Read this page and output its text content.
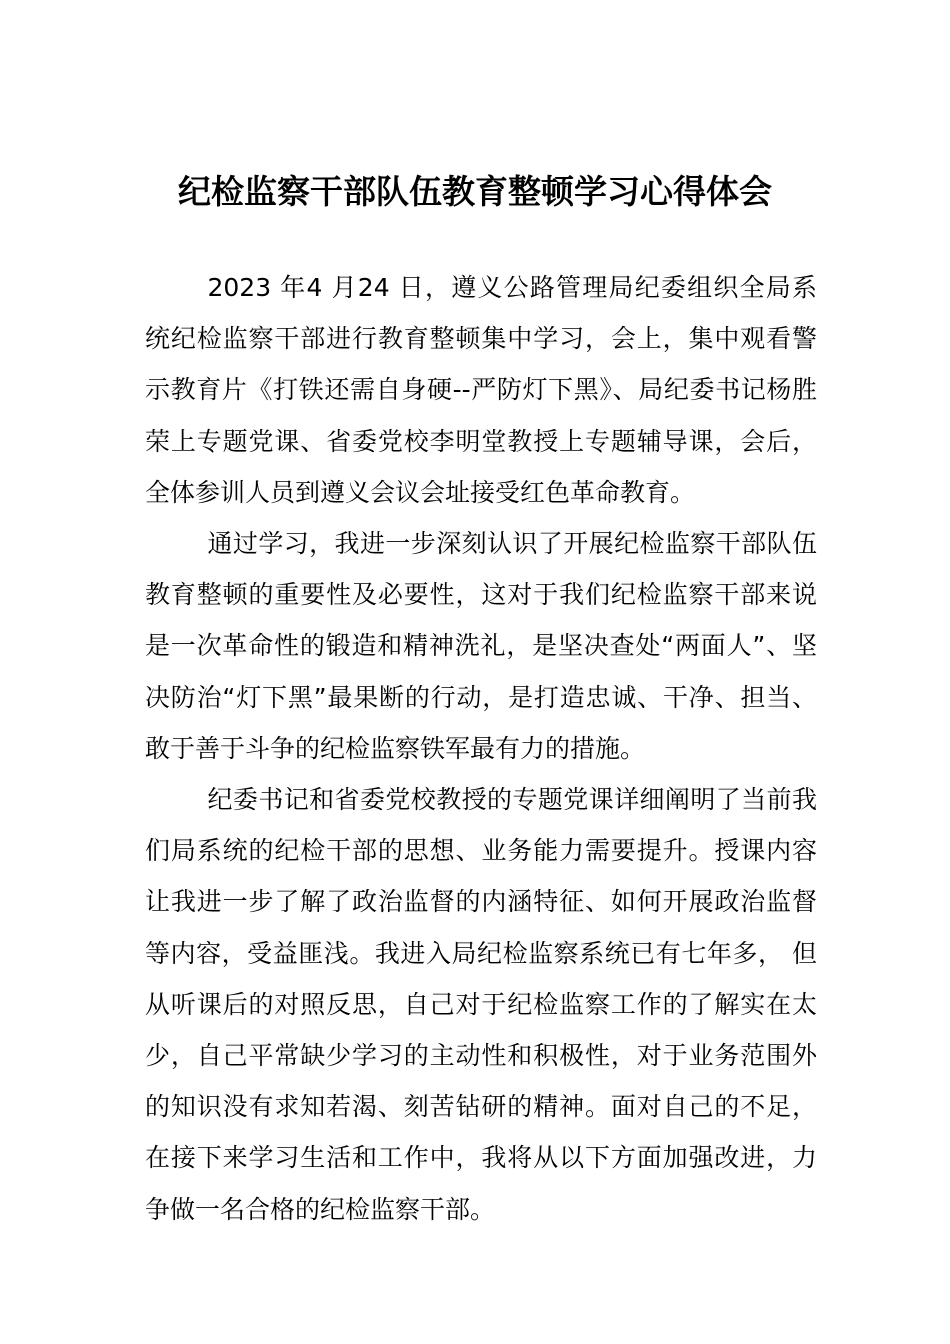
纪检监察干部队伍教育整顿学习心得体会

2023 年4 月24 日，遵义公路管理局纪委组织全局系统纪检监察干部进行教育整顿集中学习，会上，集中观看警示教育片《打铁还需自身硬--严防灯下黑》、局纪委书记杨胜荣上专题党课、省委党校李明堂教授上专题辅导课，会后， 全体参训人员到遵义会议会址接受红色革命教育。

通过学习，我进一步深刻认识了开展纪检监察干部队伍教育整顿的重要性及必要性，这对于我们纪检监察干部来说是一次革命性的锻造和精神洗礼，是坚决查处“两面人”、坚决防治“灯下黑”最果断的行动，是打造忠诚、干净、担当、敢于善于斗争的纪检监察铁军最有力的措施。

纪委书记和省委党校教授的专题党课详细阐明了当前我们局系统的纪检干部的思想、业务能力需要提升。授课内容让我进一步了解了政治监督的内涵特征、如何开展政治监督等内容，受益匪浅。我进入局纪检监察系统已有七年多， 但从听课后的对照反思，自己对于纪检监察工作的了解实在太少，自己平常缺少学习的主动性和积极性，对于业务范围外的知识没有求知若渴、刻苦钻研的精神。面对自己的不足， 在接下来学习生活和工作中，我将从以下方面加强改进，力争做一名合格的纪检监察干部。
